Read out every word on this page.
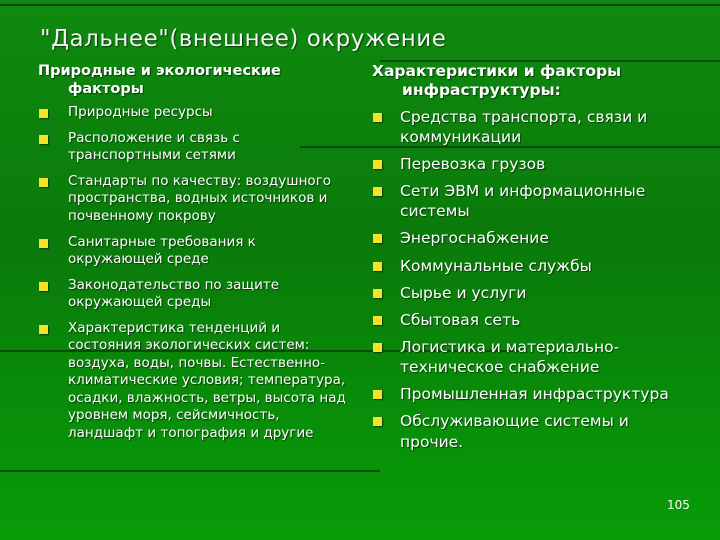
"Дальнее"(внешнее) окружение
Природные и экологические
факторы
Природные ресурсы
Расположение и связь с транспортными сетями
Стандарты по качеству: воздушного пространства, водных источников и почвенному покрову
Санитарные требования к окружающей среде
Законодательство по защите окружающей среды
Характеристика тенденций и состояния экологических систем: воздуха, воды, почвы. Естественно-климатические условия; температура, осадки, влажность, ветры, высота над уровнем моря, сейсмичность, ландшафт и топография и другие
Характеристики и факторы
инфраструктуры:
Средства транспорта, связи и коммуникации
Перевозка грузов
Сети ЭВМ и информационные системы
Энергоснабжение
Коммунальные службы
Сырье и услуги
Сбытовая сеть
Логистика и материально-техническое снабжение
Промышленная инфраструктура
Обслуживающие системы и прочие.
105
